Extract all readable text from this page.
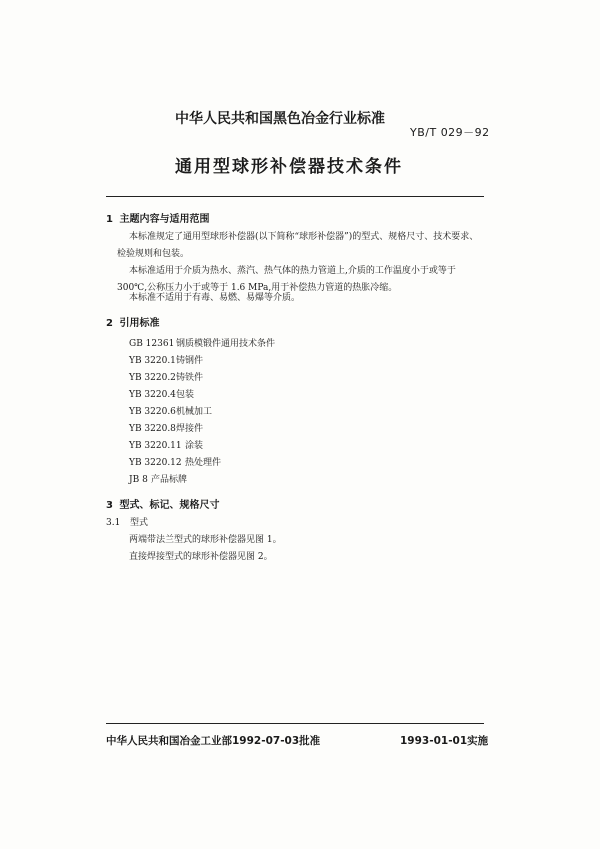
中华人民共和国黑色冶金行业标准
YB/T 029－92
通用型球形补偿器技术条件
1 主题内容与适用范围
本标准规定了通用型球形补偿器(以下简称“球形补偿器”)的型式、规格尺寸、技术要求、检验规则和包装。
本标准适用于介质为热水、蒸汽、热气体的热力管道上,介质的工作温度小于或等于 300℃,公称压力小于或等于 1.6 MPa,用于补偿热力管道的热胀冷缩。
本标准不适用于有毒、易燃、易爆等介质。
2 引用标准
GB 12361 钢质模锻件通用技术条件
YB 3220.1铸钢件
YB 3220.2铸铁件
YB 3220.4包装
YB 3220.6机械加工
YB 3220.8焊接件
YB 3220.11 涂装
YB 3220.12 热处理件
JB 8 产品标牌
3 型式、标记、规格尺寸
3.1 型式
两端带法兰型式的球形补偿器见图 1。
直接焊接型式的球形补偿器见图 2。
中华人民共和国冶金工业部1992-07-03批准	1993-01-01实施
